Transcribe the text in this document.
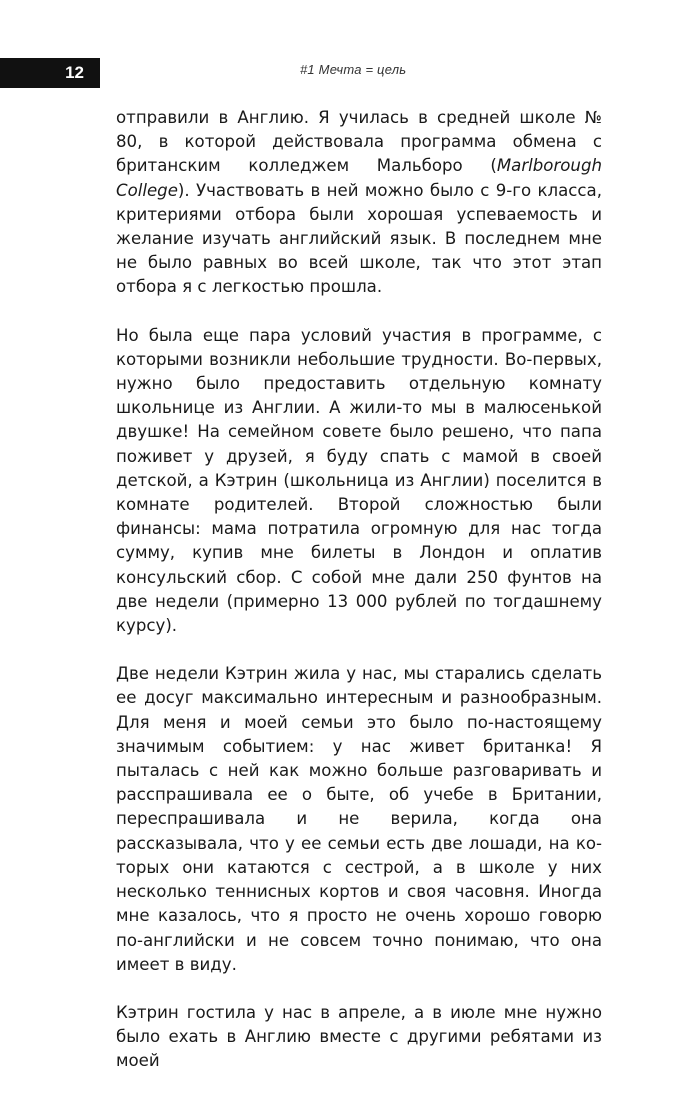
12	#1 Мечта = цель

отправили в Англию. Я училась в средней школе № 80, в которой действовала программа обмена с британским колледжем Мальборо (Marlborough College). Участвовать в ней можно было с 9-го класса, критериями отбора были хорошая успеваемость и желание изучать английский язык. В последнем мне не было равных во всей школе, так что этот этап отбора я с легкостью прошла.

Но была еще пара условий участия в программе, с которыми возникли небольшие трудности. Во-первых, нужно было предоставить отдельную комнату школьнице из Англии. А жили-то мы в малюсенькой двушке! На семейном совете было решено, что папа поживет у друзей, я буду спать с мамой в своей детской, а Кэтрин (школьница из Англии) поселится в комнате родителей. Второй сложностью были финансы: мама потратила огромную для нас тогда сумму, купив мне билеты в Лондон и оплатив консульский сбор. С собой мне дали 250 фунтов на две недели (примерно 13 000 рублей по тогдашнему курсу).

Две недели Кэтрин жила у нас, мы старались сделать ее досуг максимально интересным и разнообразным. Для меня и моей семьи это было по-настоящему значимым событием: у нас живет британка! Я пыталась с ней как можно больше разговаривать и расспрашивала ее о быте, об учебе в Британии, переспрашивала и не верила, когда она рассказывала, что у ее семьи есть две лошади, на которых они катаются с сестрой, а в школе у них несколько теннисных кортов и своя часовня. Иногда мне казалось, что я просто не очень хорошо говорю по-английски и не совсем точно понимаю, что она имеет в виду.

Кэтрин гостила у нас в апреле, а в июле мне нужно было ехать в Англию вместе с другими ребятами из моей
